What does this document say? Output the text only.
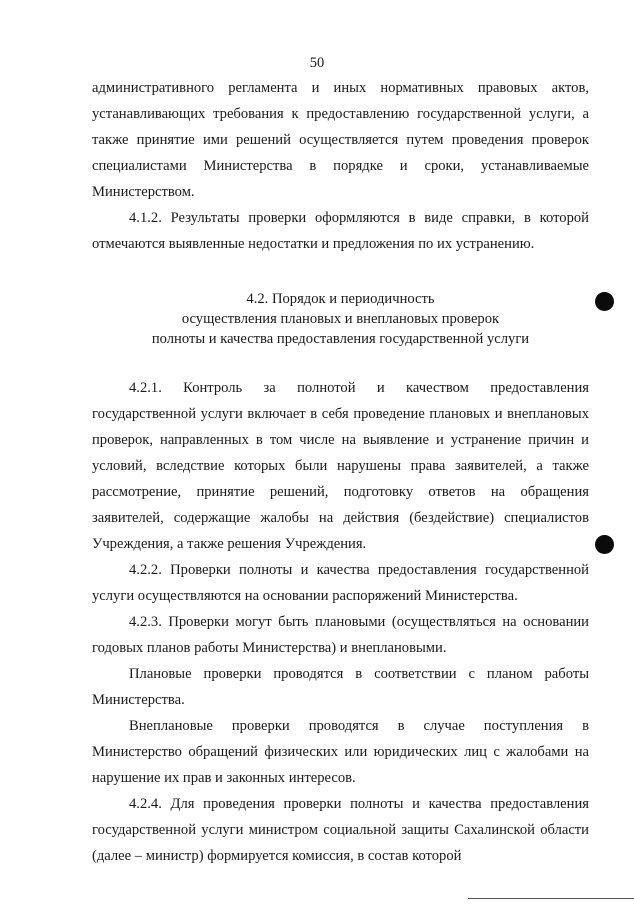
50

административного регламента и иных нормативных правовых актов, устанавливающих требования к предоставлению государственной услуги, а также принятие ими решений осуществляется путем проведения проверок специалистами Министерства в порядке и сроки, устанавливаемые Министерством.

4.1.2. Результаты проверки оформляются в виде справки, в которой отмечаются выявленные недостатки и предложения по их устранению.

4.2. Порядок и периодичность
осуществления плановых и внеплановых проверок
полноты и качества предоставления государственной услуги

4.2.1. Контроль за полнотой и качеством предоставления государственной услуги включает в себя проведение плановых и внеплановых проверок, направленных в том числе на выявление и устранение причин и условий, вследствие которых были нарушены права заявителей, а также рассмотрение, принятие решений, подготовку ответов на обращения заявителей, содержащие жалобы на действия (бездействие) специалистов Учреждения, а также решения Учреждения.

4.2.2. Проверки полноты и качества предоставления государственной услуги осуществляются на основании распоряжений Министерства.

4.2.3. Проверки могут быть плановыми (осуществляться на основании годовых планов работы Министерства) и внеплановыми.

Плановые проверки проводятся в соответствии с планом работы Министерства.

Внеплановые проверки проводятся в случае поступления в Министерство обращений физических или юридических лиц с жалобами на нарушение их прав и законных интересов.

4.2.4. Для проведения проверки полноты и качества предоставления государственной услуги министром социальной защиты Сахалинской области (далее – министр) формируется комиссия, в состав которой
